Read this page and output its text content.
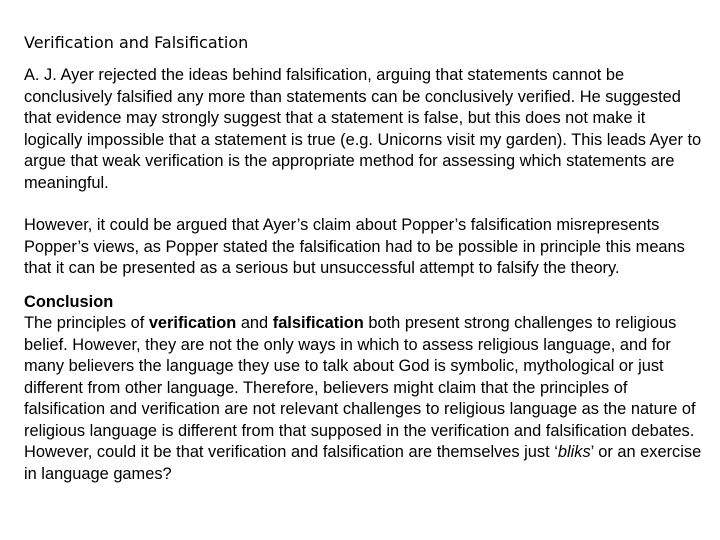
Verification and Falsification

A. J. Ayer rejected the ideas behind falsification, arguing that statements cannot be conclusively falsified any more than statements can be conclusively verified. He suggested that evidence may strongly suggest that a statement is false, but this does not make it logically impossible that a statement is true (e.g. Unicorns visit my garden). This leads Ayer to argue that weak verification is the appropriate method for assessing which statements are meaningful.

However, it could be argued that Ayer’s claim about Popper’s falsification misrepresents Popper’s views, as Popper stated the falsification had to be possible in principle this means that it can be presented as a serious but unsuccessful attempt to falsify the theory.

Conclusion
The principles of verification and falsification both present strong challenges to religious belief. However, they are not the only ways in which to assess religious language, and for many believers the language they use to talk about God is symbolic, mythological or just different from other language. Therefore, believers might claim that the principles of falsification and verification are not relevant challenges to religious language as the nature of religious language is different from that supposed in the verification and falsification debates. However, could it be that verification and falsification are themselves just ‘bliks’ or an exercise in language games?
